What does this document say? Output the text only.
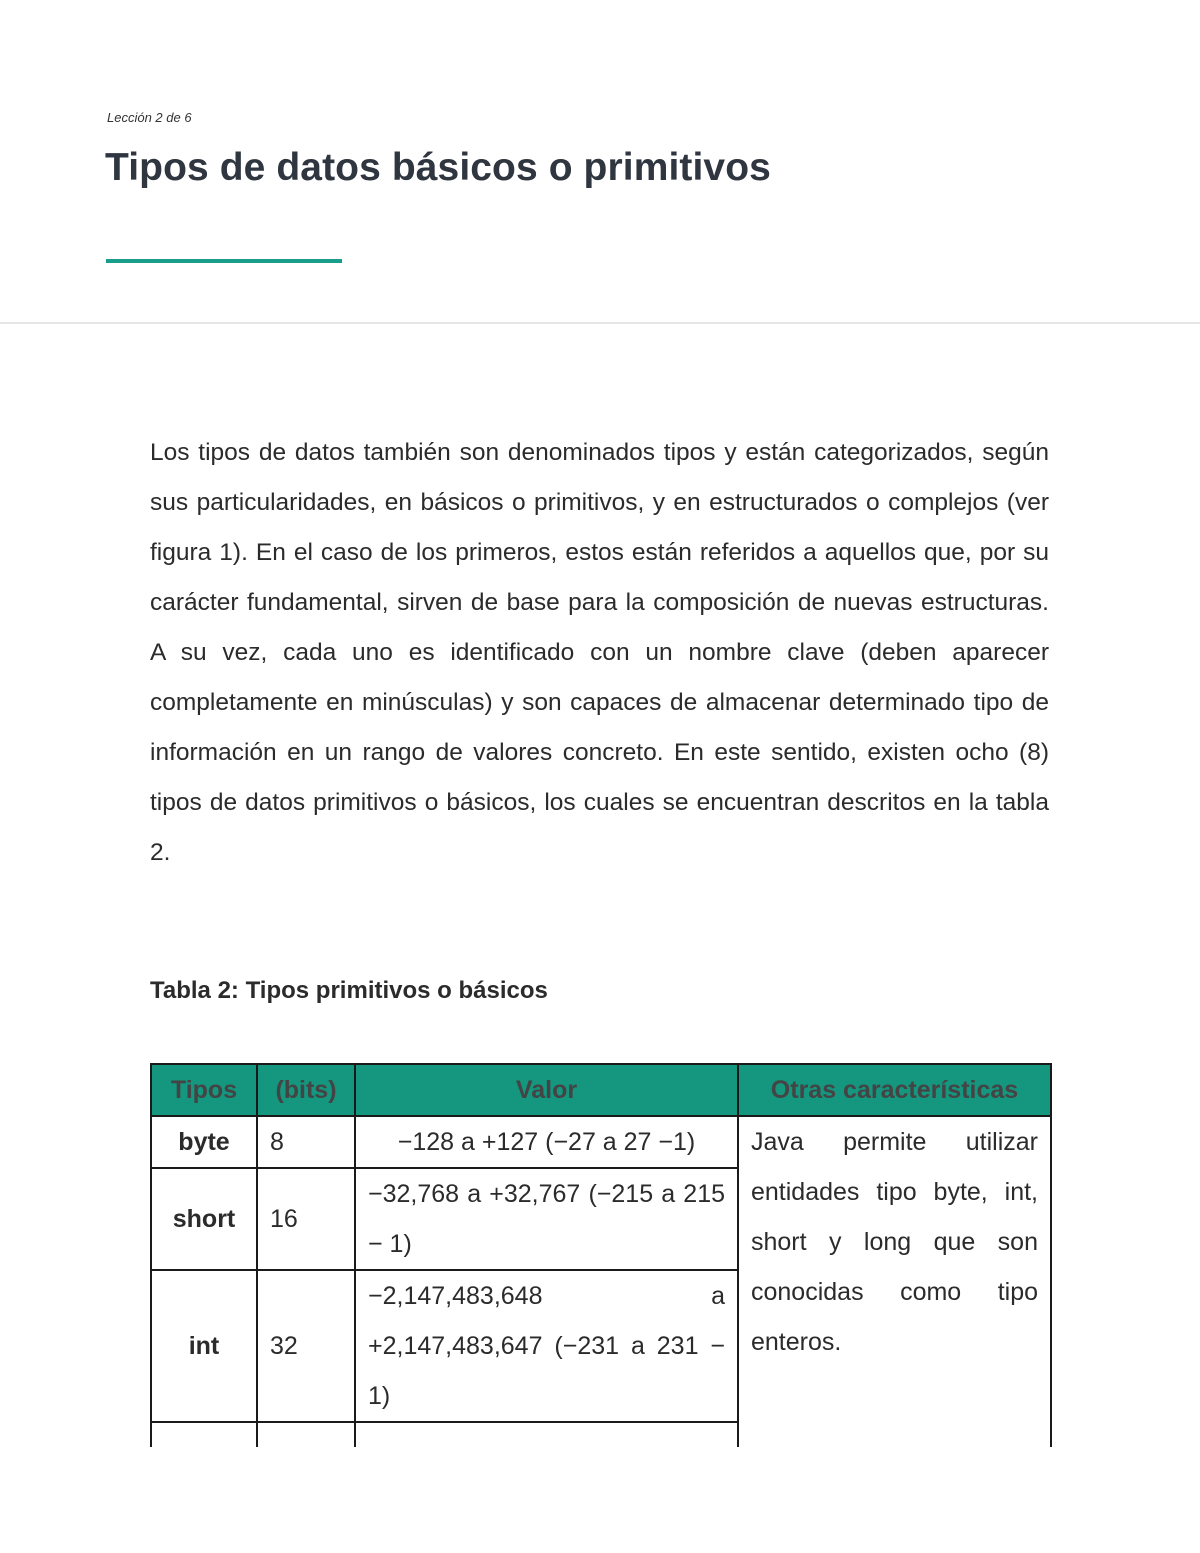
Lección 2 de 6
Tipos de datos básicos o primitivos

Los tipos de datos también son denominados tipos y están categorizados, según sus particularidades, en básicos o primitivos, y en estructurados o complejos (ver figura 1). En el caso de los primeros, estos están referidos a aquellos que, por su carácter fundamental, sirven de base para la composición de nuevas estructuras. A su vez, cada uno es identificado con un nombre clave (deben aparecer completamente en minúsculas) y son capaces de almacenar determinado tipo de información en un rango de valores concreto. En este sentido, existen ocho (8) tipos de datos primitivos o básicos, los cuales se encuentran descritos en la tabla 2.

Tabla 2: Tipos primitivos o básicos

Tipos	(bits)	Valor	Otras características
byte	8	−128 a +127 (−27 a 27 −1)	Java permite utilizar entidades tipo byte, int, short y long que son conocidas como tipo enteros.
short	16	−32,768 a +32,767 (−215 a 215 − 1)	
int	32	−2,147,483,648 a +2,147,483,647 (−231 a 231 − 1)	
